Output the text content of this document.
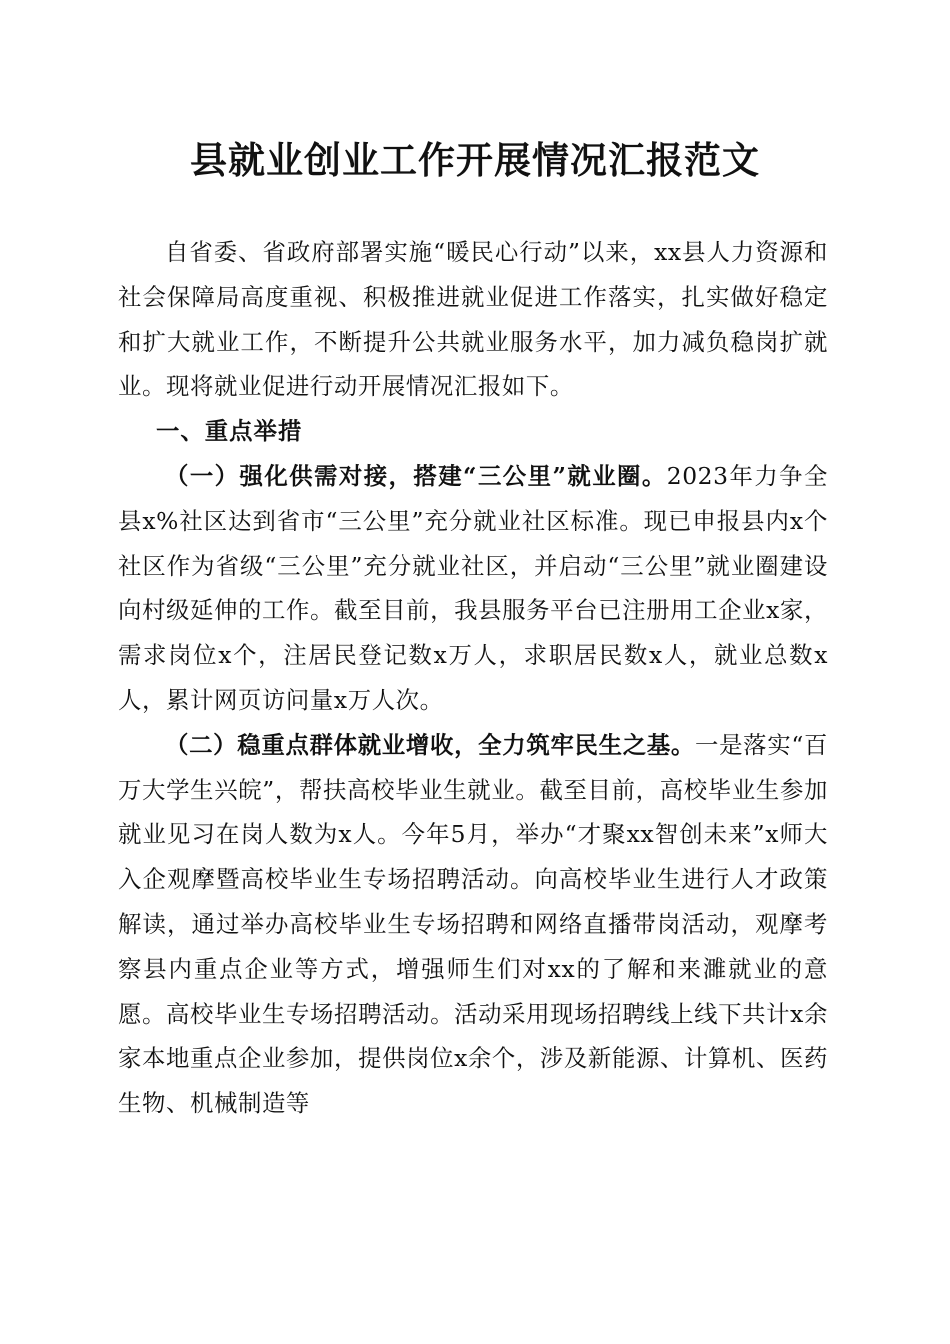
县就业创业工作开展情况汇报范文

自省委、省政府部署实施“暖民心行动”以来，xx县人力资源和社会保障局高度重视、积极推进就业促进工作落实，扎实做好稳定和扩大就业工作，不断提升公共就业服务水平，加力减负稳岗扩就业。现将就业促进行动开展情况汇报如下。

一、重点举措

（一）强化供需对接，搭建“三公里”就业圈。2023年力争全县x%社区达到省市“三公里”充分就业社区标准。现已申报县内x个社区作为省级“三公里”充分就业社区，并启动“三公里”就业圈建设向村级延伸的工作。截至目前，我县服务平台已注册用工企业x家，需求岗位x个，注居民登记数x万人，求职居民数x人，就业总数x人，累计网页访问量x万人次。

（二）稳重点群体就业增收，全力筑牢民生之基。一是落实“百万大学生兴皖”，帮扶高校毕业生就业。截至目前，高校毕业生参加就业见习在岗人数为x人。今年5月，举办“才聚xx智创未来”x师大入企观摩暨高校毕业生专场招聘活动。向高校毕业生进行人才政策解读，通过举办高校毕业生专场招聘和网络直播带岗活动，观摩考察县内重点企业等方式，增强师生们对xx的了解和来濉就业的意愿。高校毕业生专场招聘活动。活动采用现场招聘线上线下共计x余家本地重点企业参加，提供岗位x余个，涉及新能源、计算机、医药生物、机械制造等
